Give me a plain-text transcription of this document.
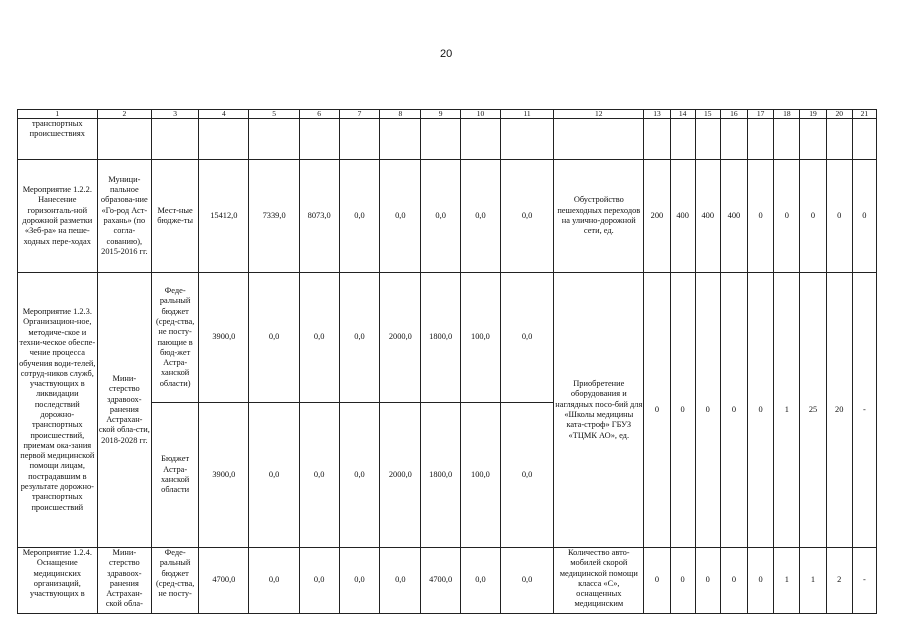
20
1	2	3	4	5	6	7	8	9	10	11	12	13	14	15	16	17	18	19	20	21
транспортных происшествиях																				
Мероприятие 1.2.2. Нанесение горизонталь-ной дорожной разметки «Зеб-ра» на пеше-ходных пере-ходах	Муници-пальное образова-ние «Го-род Аст-рахань» (по согла-сованию), 2015-2016 гг.	Мест-ные бюдже-ты	15412,0	7339,0	8073,0	0,0	0,0	0,0	0,0	0,0	Обустройство пешеходных переходов на улично-дорожной сети, ед.	200	400	400	400	0	0	0	0	0
Мероприятие 1.2.3. Организацион-ное, методиче-ское и техни-ческое обеспе-чение процесса обучения води-телей, сотруд-ников служб, участвующих в ликвидации последствий дорожно-транспортных происшествий, приемам ока-зания первой медицинской помощи лицам, пострадавшим в результате дорожно-транспортных происшествий	Мини-стерство здравоох-ранения Астрахан-ской обла-сти, 2018-2028 гг.	Феде-ральный бюджет (сред-ства, не посту-пающие в бюд-жет Астра-ханской области)	3900,0	0,0	0,0	0,0	2000,0	1800,0	100,0	0,0	Приобретение оборудования и наглядных посо-бий для «Школы медицины ката-строф» ГБУЗ «ТЦМК АО», ед.	0	0	0	0	0	1	25	20	-
		Бюджет Астра-ханской области	3900,0	0,0	0,0	0,0	2000,0	1800,0	100,0	0,0										
Мероприятие 1.2.4. Оснащение медицинских организаций, участвующих в	Мини-стерство здравоох-ранения Астрахан-ской обла-	Феде-ральный бюджет (сред-ства, не посту-	4700,0	0,0	0,0	0,0	0,0	4700,0	0,0	0,0	Количество авто-мобилей скорой медицинской помощи класса «С», оснащенных медицинским	0	0	0	0	0	1	1	2	-
